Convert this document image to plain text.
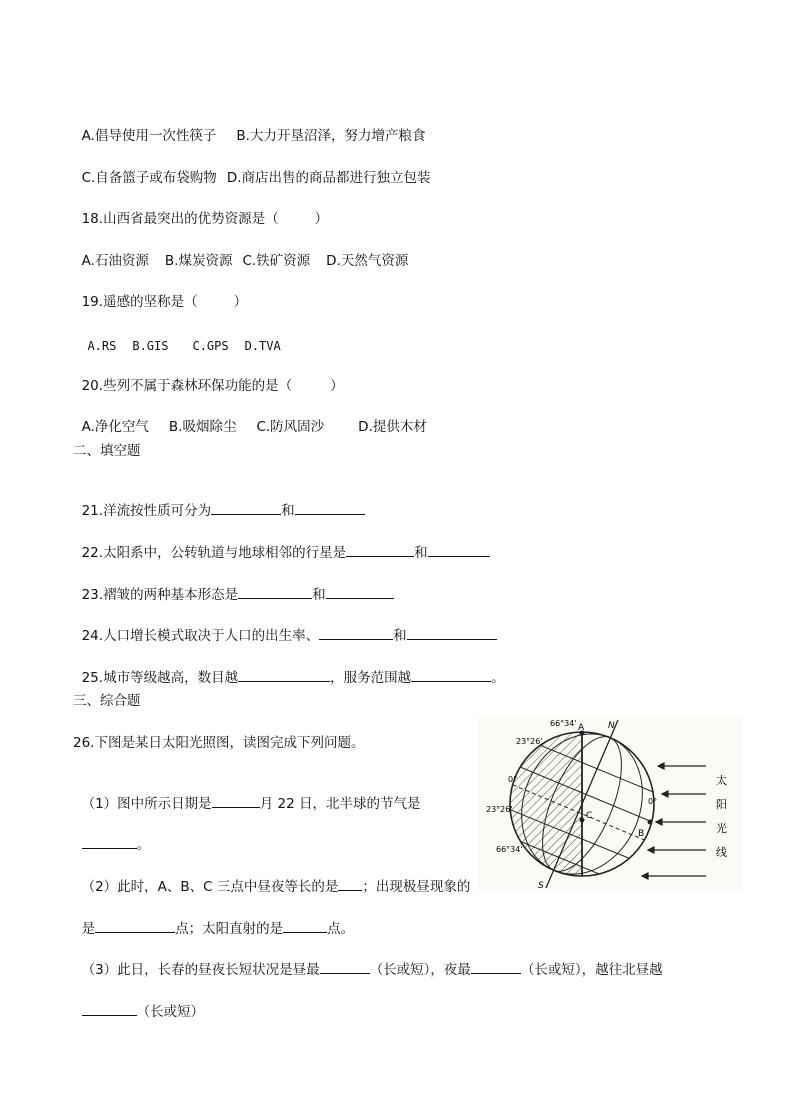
A.倡导使用一次性筷子 B.大力开垦沼泽，努力增产粮食

C.自备篮子或布袋购物 D.商店出售的商品都进行独立包装

18.山西省最突出的优势资源是（	）

A.石油资源 B.煤炭资源 C.铁矿资源 D.天然气资源

19.遥感的坚称是（	）

A.RS B.GIS C.GPS D.TVA

20.些列不属于森林环保功能的是（	）

A.净化空气 B.吸烟除尘 C.防风固沙	D.提供木材

二、填空题

21.洋流按性质可分为	和

22.太阳系中，公转轨道与地球相邻的行星是	和

23.褶皱的两种基本形态是	和

24.人口增长模式取决于人口的出生率、	和

25.城市等级越高，数目越	，服务范围越	。

三、综合题
26.下图是某日太阳光照图，读图完成下列问题。

（1）图中所示日期是	月 22 日，北半球的节气是

。

（2）此时，A、B、C 三点中昼夜等长的是 ；出现极昼现象的

是	点；太阳直射的是	点。

（3）此日，长春的昼夜长短状况是昼最	（长或短），夜最	（长或短），越往北昼越

（长或短）

66°34'
23°26'
0°
23°26'
66°34'
0°
A
B
C
N
S
太
阳
光
线
